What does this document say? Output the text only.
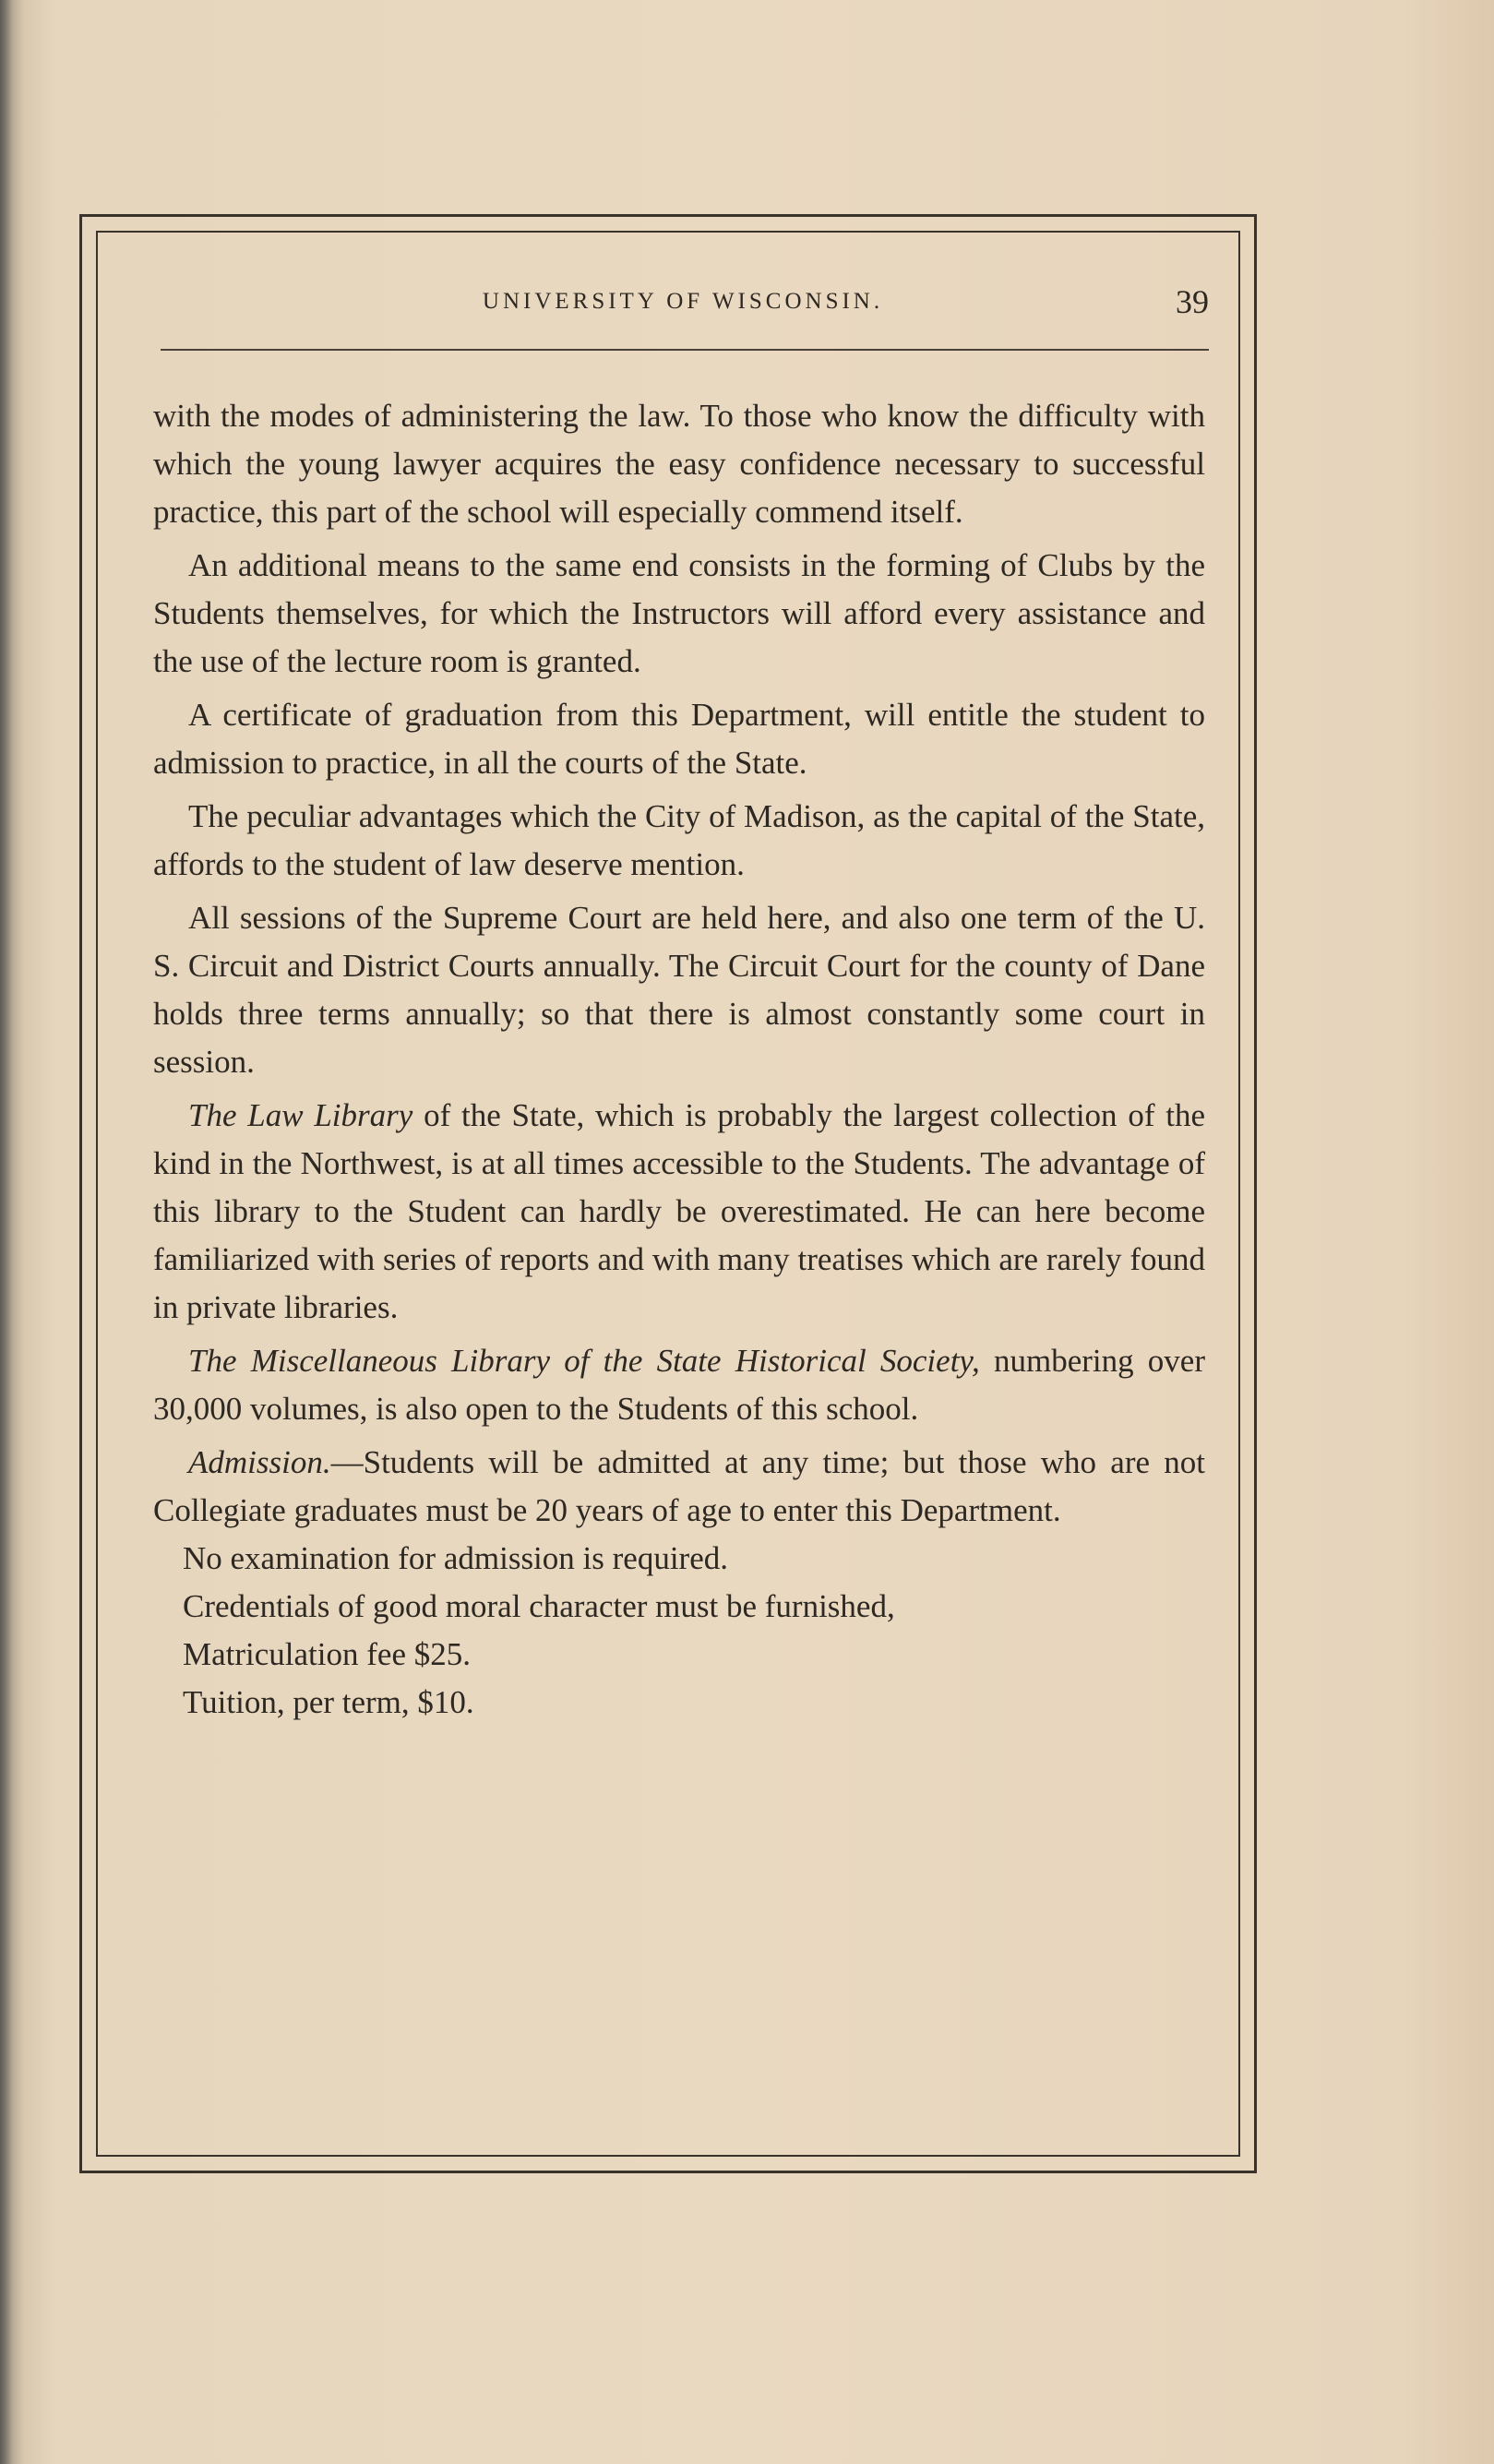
UNIVERSITY OF WISCONSIN.	39

with the modes of administering the law. To those who know the difficulty with which the young lawyer acquires the easy confidence necessary to successful practice, this part of the school will especially commend itself.

An additional means to the same end consists in the forming of Clubs by the Students themselves, for which the Instructors will afford every assistance and the use of the lecture room is granted.

A certificate of graduation from this Department, will entitle the student to admission to practice, in all the courts of the State.

The peculiar advantages which the City of Madison, as the capital of the State, affords to the student of law deserve mention.

All sessions of the Supreme Court are held here, and also one term of the U. S. Circuit and District Courts annually. The Circuit Court for the county of Dane holds three terms annually; so that there is almost constantly some court in session.

The Law Library of the State, which is probably the largest collection of the kind in the Northwest, is at all times accessible to the Students. The advantage of this library to the Student can hardly be overestimated. He can here become familiarized with series of reports and with many treatises which are rarely found in private libraries.

The Miscellaneous Library of the State Historical Society, numbering over 30,000 volumes, is also open to the Students of this school.

Admission.—Students will be admitted at any time; but those who are not Collegiate graduates must be 20 years of age to enter this Department.

No examination for admission is required.

Credentials of good moral character must be furnished,

Matriculation fee $25.

Tuition, per term, $10.
